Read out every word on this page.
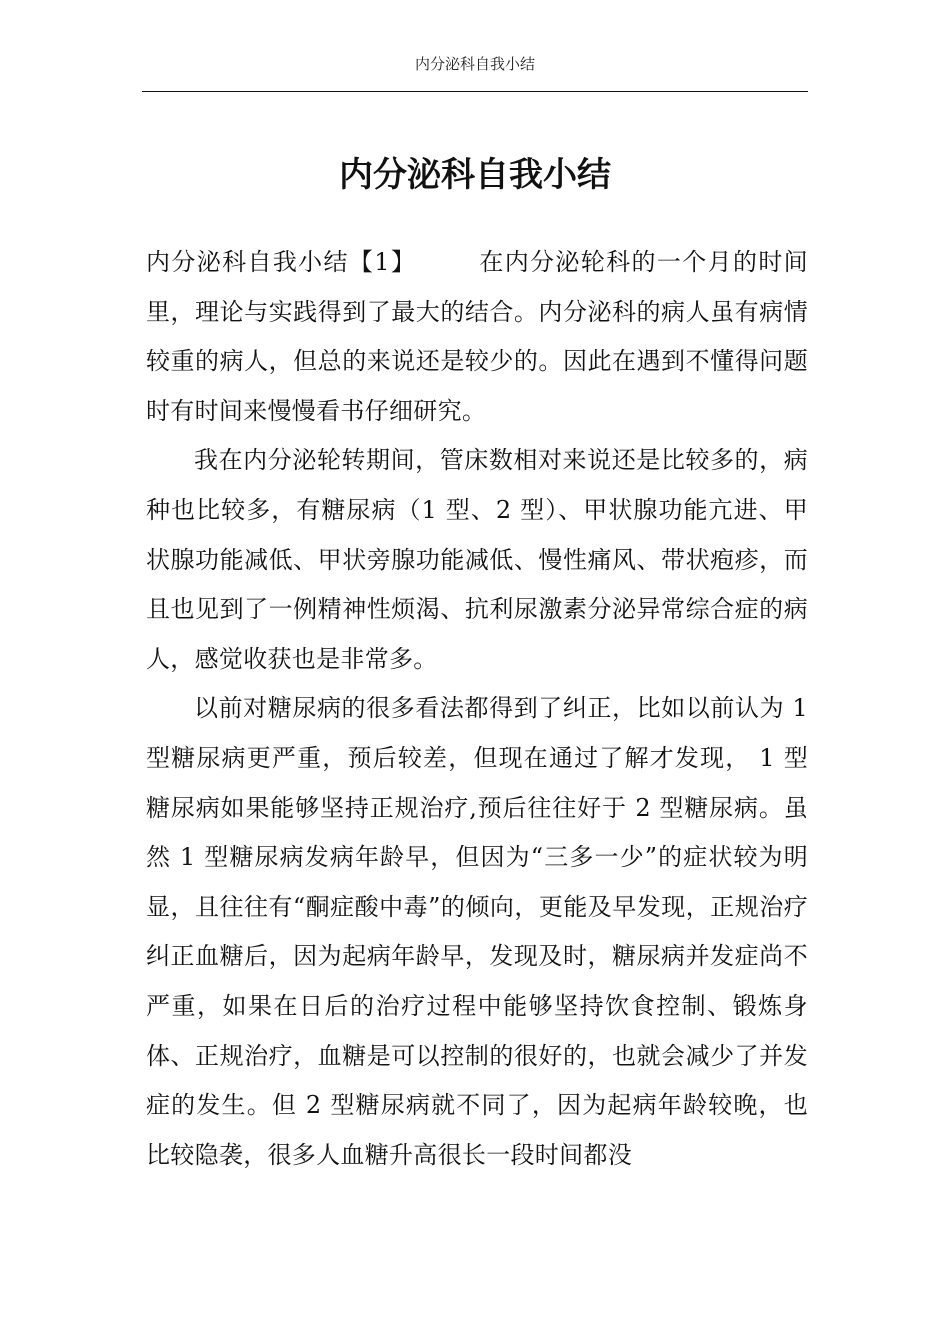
内分泌科自我小结
内分泌科自我小结

内分泌科自我小结【1】	在内分泌轮科的一个月的时间里，理论与实践得到了最大的结合。内分泌科的病人虽有病情较重的病人，但总的来说还是较少的。因此在遇到不懂得问题时有时间来慢慢看书仔细研究。

我在内分泌轮转期间，管床数相对来说还是比较多的，病种也比较多，有糖尿病（1 型、2 型）、甲状腺功能亢进、甲状腺功能减低、甲状旁腺功能减低、慢性痛风、带状疱疹，而且也见到了一例精神性烦渴、抗利尿激素分泌异常综合症的病人，感觉收获也是非常多。

以前对糖尿病的很多看法都得到了纠正，比如以前认为 1 型糖尿病更严重，预后较差，但现在通过了解才发现， 1 型糖尿病如果能够坚持正规治疗,预后往往好于 2 型糖尿病。虽然 1 型糖尿病发病年龄早，但因为“三多一少”的症状较为明显，且往往有“酮症酸中毒”的倾向，更能及早发现，正规治疗纠正血糖后，因为起病年龄早，发现及时，糖尿病并发症尚不严重，如果在日后的治疗过程中能够坚持饮食控制、锻炼身体、正规治疗，血糖是可以控制的很好的，也就会减少了并发症的发生。但 2 型糖尿病就不同了，因为起病年龄较晚，也比较隐袭，很多人血糖升高很长一段时间都没
